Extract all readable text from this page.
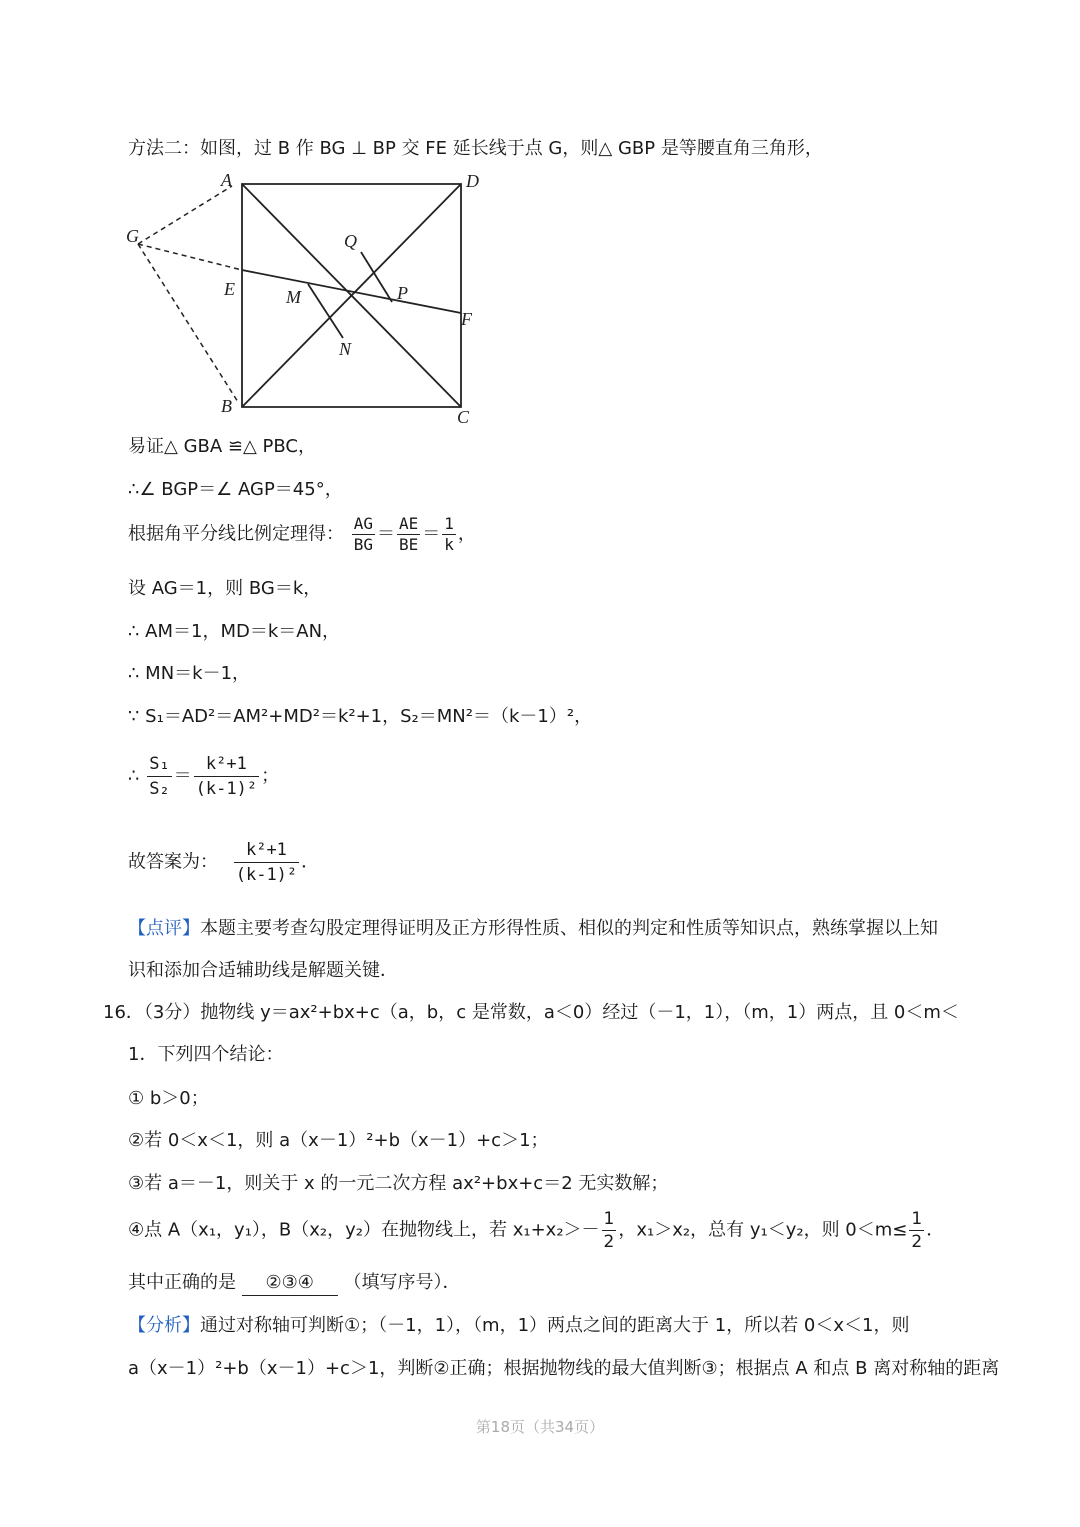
方法二：如图，过 B 作 BG ⊥ BP 交 FE 延长线于点 G，则△ GBP 是等腰直角三角形，
A	D
G	Q
E	M	P
F
N
B
C
易证△ GBA ≌△ PBC，
∴∠ BGP＝∠ AGP＝45°，
根据角平分线比例定理得： $\frac{AG}{BG} = \frac{AE}{BE} = \frac{1}{k}$ ，
设 AG＝1，则 BG＝k，
∴ AM＝1，MD＝k＝AN，
∴ MN＝k－1，
∵ S₁＝AD²＝AM²+MD²＝k²+1，S₂＝MN²＝（k－1）²，
∴ $\frac{\text{S₁}}{\text{S₂}} = \frac{\text{k²+1}}{\text{(k-1)²}}$ ；
故答案为： $\frac{\text{k²+1}}{\text{(k-1)²}}$ ．
【点评】本题主要考查勾股定理得证明及正方形得性质、相似的判定和性质等知识点，熟练掌握以上知
识和添加合适辅助线是解题关键．
16．（3分）抛物线 y＝ax²+bx+c（a，b，c 是常数，a＜0）经过（－1，1），（m，1）两点，且 0＜m＜
1．下列四个结论：
① b＞0；
②若 0＜x＜1，则 a（x－1）²+b（x－1）+c＞1；
③若 a＝－1，则关于 x 的一元二次方程 ax²+bx+c＝2 无实数解；
④点 A（x₁，y₁），B（x₂，y₂）在抛物线上，若 $x_1+x_2>- \frac{1}{2}$ ，x₁＞x₂，总有 y₁＜y₂，则 $0<m\le \frac{1}{2}$ ．
其中正确的是 ②③④ （填写序号）．
【分析】通过对称轴可判断①；（－1，1），（m，1）两点之间的距离大于 1，所以若 0＜x＜1，则
a（x－1）²+b（x－1）+c＞1，判断②正确；根据抛物线的最大值判断③；根据点 A 和点 B 离对称轴的距离
第18页（共34页）
